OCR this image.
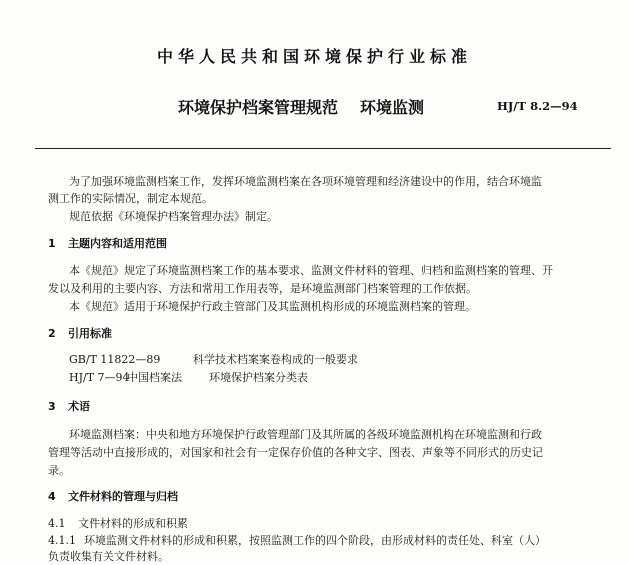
中华人民共和国环境保护行业标准
环境保护档案管理规范 环境监测	HJ/T 8.2—94
为了加强环境监测档案工作，发挥环境监测档案在各项环境管理和经济建设中的作用，结合环境监
测工作的实际情况，制定本规范。
规范依据《环境保护档案管理办法》制定。
1 主题内容和适用范围
本《规范》规定了环境监测档案工作的基本要求、监测文件材料的管理、归档和监测档案的管理、开
发以及利用的主要内容、方法和常用工作用表等，是环境监测部门档案管理的工作依据。
本《规范》适用于环境保护行政主管部门及其监测机构形成的环境监测档案的管理。
2 引用标准
GB/T 11822—89	科学技术档案案卷构成的一般要求
HJ/T 7—94中国档案法 环境保护档案分类表
3 术语
环境监测档案：中央和地方环境保护行政管理部门及其所属的各级环境监测机构在环境监测和行政
管理等活动中直接形成的，对国家和社会有一定保存价值的各种文字、图表、声象等不同形式的历史记
录。
4 文件材料的管理与归档
4.1 文件材料的形成和积累
4.1.1 环境监测文件材料的形成和积累，按照监测工作的四个阶段，由形成材料的责任处、科室（人）
负责收集有关文件材料。
